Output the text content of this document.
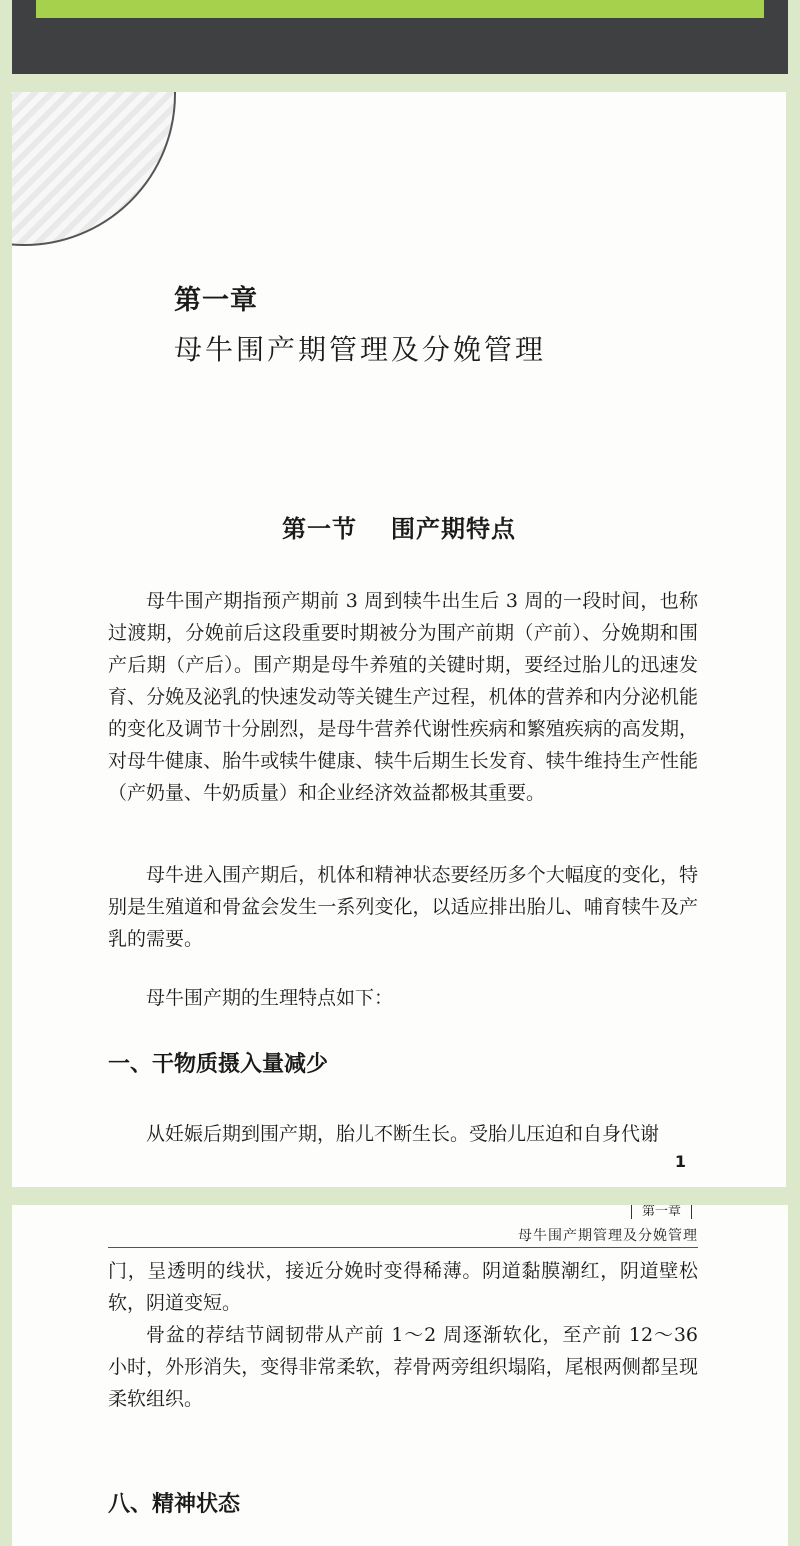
第一章
母牛围产期管理及分娩管理
第一节 围产期特点

母牛围产期指预产期前 3 周到犊牛出生后 3 周的一段时间，也称过渡期，分娩前后这段重要时期被分为围产前期（产前）、分娩期和围产后期（产后）。围产期是母牛养殖的关键时期，要经过胎儿的迅速发育、分娩及泌乳的快速发动等关键生产过程，机体的营养和内分泌机能的变化及调节十分剧烈，是母牛营养代谢性疾病和繁殖疾病的高发期，对母牛健康、胎牛或犊牛健康、犊牛后期生长发育、犊牛维持生产性能（产奶量、牛奶质量）和企业经济效益都极其重要。

母牛进入围产期后，机体和精神状态要经历多个大幅度的变化，特别是生殖道和骨盆会发生一系列变化，以适应排出胎儿、哺育犊牛及产乳的需要。

母牛围产期的生理特点如下：

一、干物质摄入量减少

从妊娠后期到围产期，胎儿不断生长。受胎儿压迫和自身代谢

1
第一章
母牛围产期管理及分娩管理

门，呈透明的线状，接近分娩时变得稀薄。阴道黏膜潮红，阴道壁松软，阴道变短。

骨盆的荐结节阔韧带从产前 1～2 周逐渐软化，至产前 12～36 小时，外形消失，变得非常柔软，荐骨两旁组织塌陷，尾根两侧都呈现柔软组织。

八、精神状态
